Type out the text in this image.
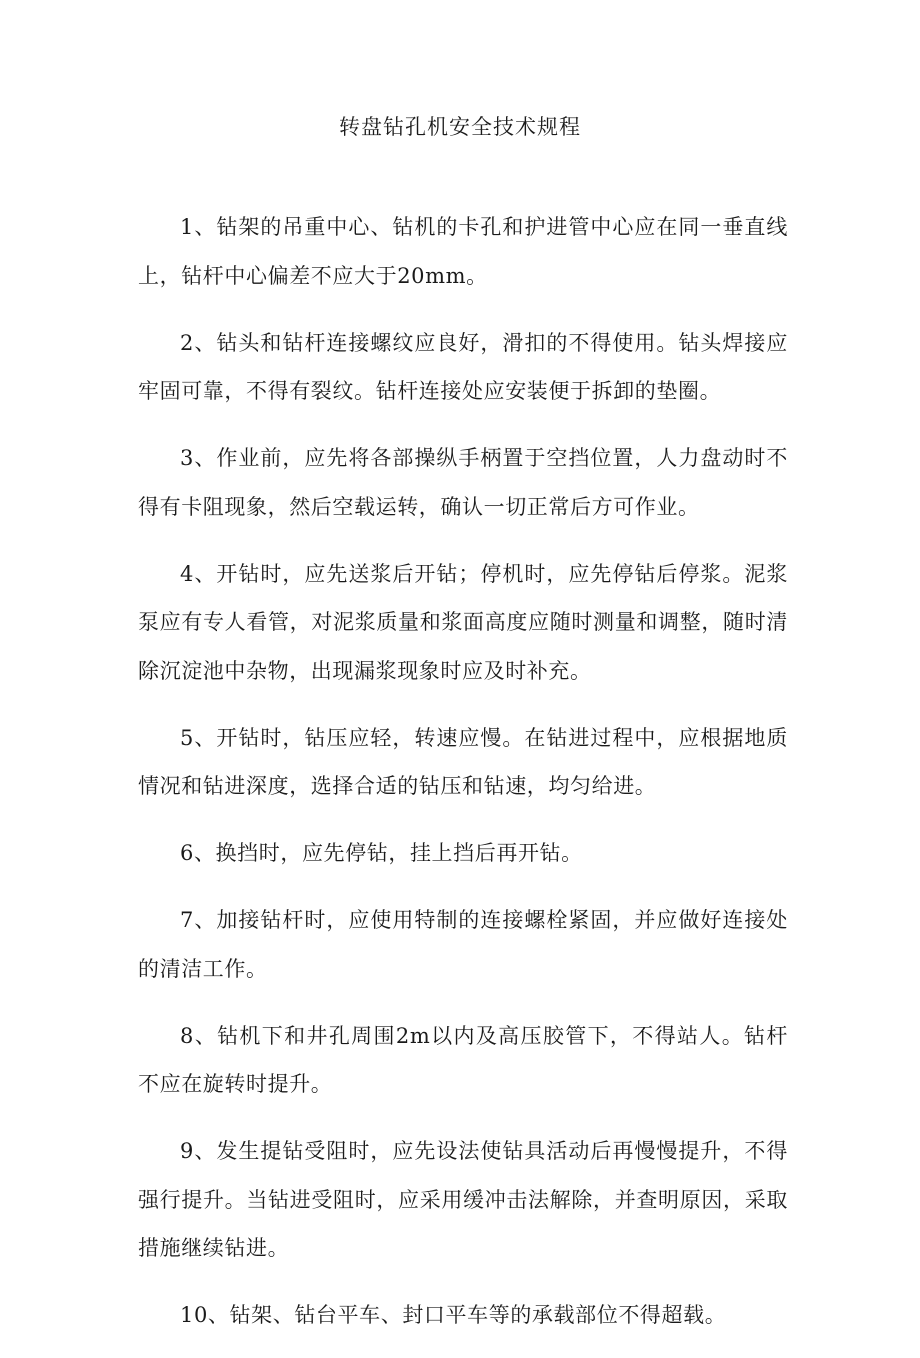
转盘钻孔机安全技术规程

1、钻架的吊重中心、钻机的卡孔和护进管中心应在同一垂直线上，钻杆中心偏差不应大于20mm。

2、钻头和钻杆连接螺纹应良好，滑扣的不得使用。钻头焊接应牢固可靠，不得有裂纹。钻杆连接处应安装便于拆卸的垫圈。

3、作业前，应先将各部操纵手柄置于空挡位置，人力盘动时不得有卡阻现象，然后空载运转，确认一切正常后方可作业。

4、开钻时，应先送浆后开钻；停机时，应先停钻后停浆。泥浆泵应有专人看管，对泥浆质量和浆面高度应随时测量和调整，随时清除沉淀池中杂物，出现漏浆现象时应及时补充。

5、开钻时，钻压应轻，转速应慢。在钻进过程中，应根据地质情况和钻进深度，选择合适的钻压和钻速，均匀给进。

6、换挡时，应先停钻，挂上挡后再开钻。

7、加接钻杆时，应使用特制的连接螺栓紧固，并应做好连接处的清洁工作。

8、钻机下和井孔周围2m以内及高压胶管下，不得站人。钻杆不应在旋转时提升。

9、发生提钻受阻时，应先设法使钻具活动后再慢慢提升，不得强行提升。当钻进受阻时，应采用缓冲击法解除，并查明原因，采取措施继续钻进。

10、钻架、钻台平车、封口平车等的承载部位不得超载。
